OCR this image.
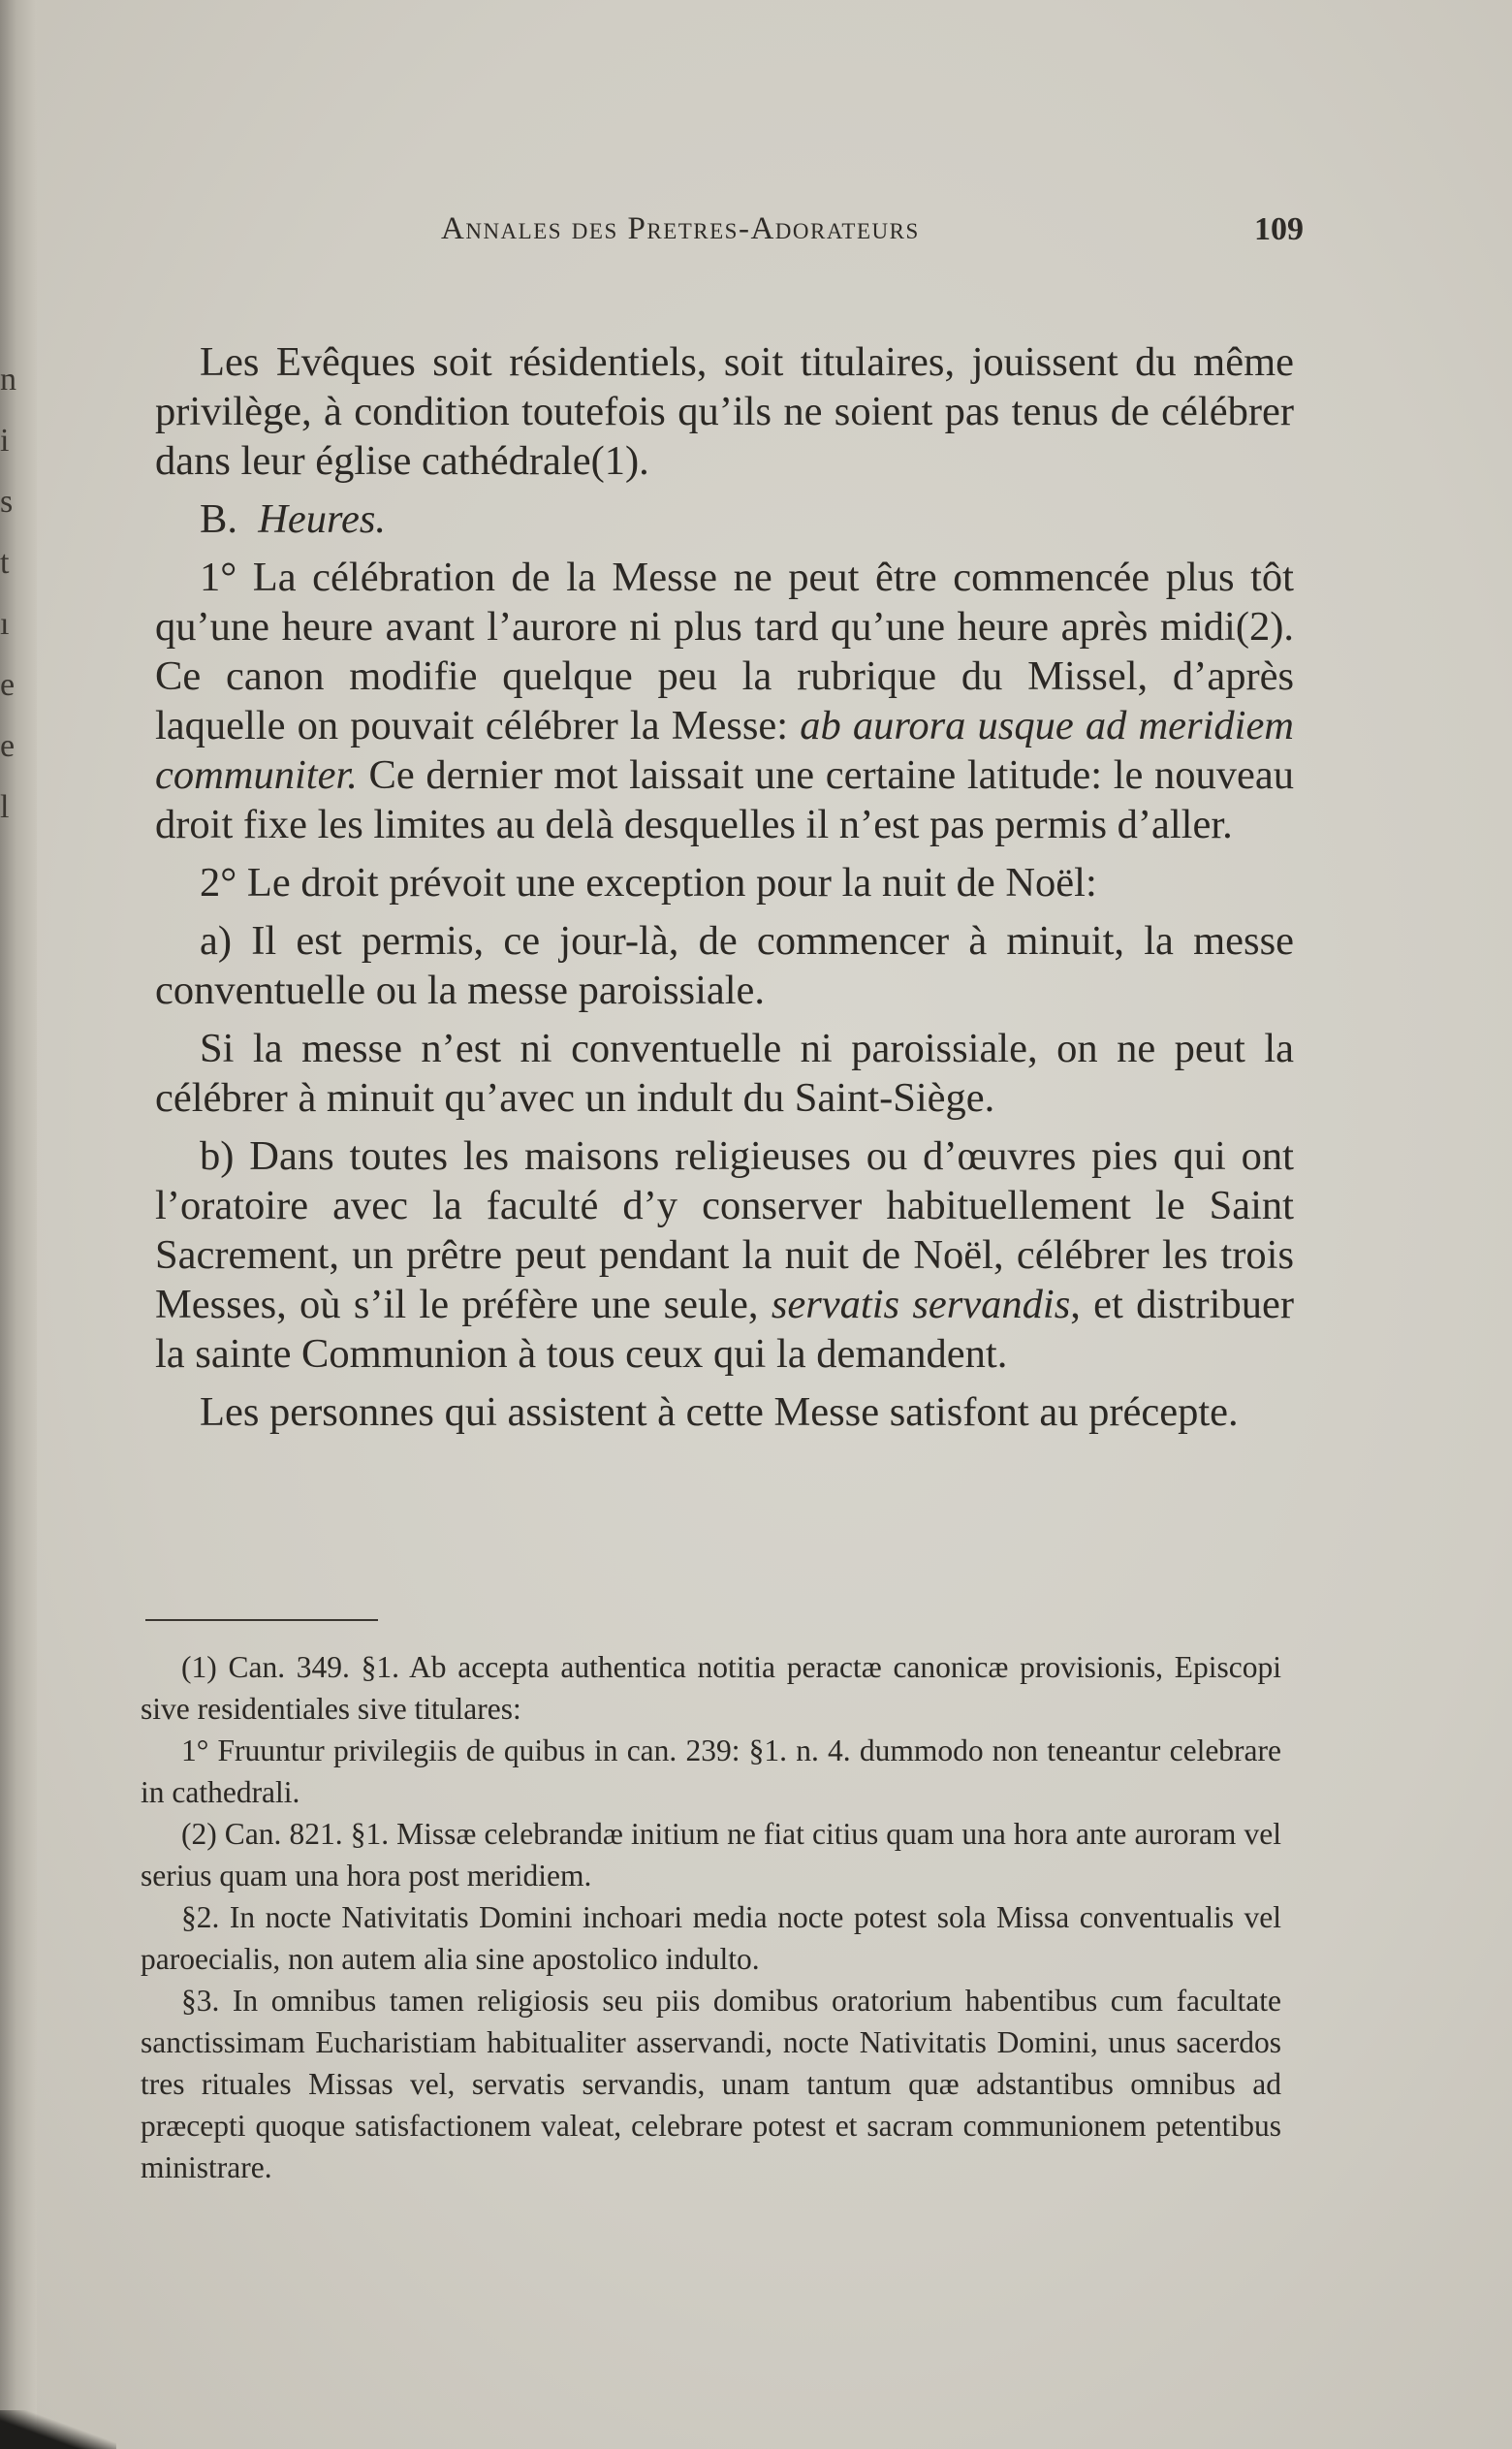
n
i
s
t
ı
e
e
l
Annales des Pretres-Adorateurs	109

Les Evêques soit résidentiels, soit titulaires, jouissent du même privilège, à condition toutefois qu’ils ne soient pas tenus de célébrer dans leur église cathédrale(1).

B. Heures.

1° La célébration de la Messe ne peut être commencée plus tôt qu’une heure avant l’aurore ni plus tard qu’une heure après midi(2). Ce canon modifie quelque peu la rubrique du Missel, d’après laquelle on pouvait célébrer la Messe: ab aurora usque ad meridiem communiter. Ce dernier mot laissait une certaine latitude: le nouveau droit fixe les limites au delà desquelles il n’est pas permis d’aller.

2° Le droit prévoit une exception pour la nuit de Noël:

a) Il est permis, ce jour-là, de commencer à minuit, la messe conventuelle ou la messe paroissiale.

Si la messe n’est ni conventuelle ni paroissiale, on ne peut la célébrer à minuit qu’avec un indult du Saint-Siège.

b) Dans toutes les maisons religieuses ou d’œuvres pies qui ont l’oratoire avec la faculté d’y conserver habituellement le Saint Sacrement, un prêtre peut pendant la nuit de Noël, célébrer les trois Messes, où s’il le préfère une seule, servatis servandis, et distribuer la sainte Communion à tous ceux qui la demandent.

Les personnes qui assistent à cette Messe satisfont au précepte.

(1) Can. 349. §1. Ab accepta authentica notitia peractæ canonicæ provisionis, Episcopi sive residentiales sive titulares:

1° Fruuntur privilegiis de quibus in can. 239: §1. n. 4. dummodo non teneantur celebrare in cathedrali.

(2) Can. 821. §1. Missæ celebrandæ initium ne fiat citius quam una hora ante auroram vel serius quam una hora post meridiem.

§2. In nocte Nativitatis Domini inchoari media nocte potest sola Missa conventualis vel paroecialis, non autem alia sine apostolico indulto.

§3. In omnibus tamen religiosis seu piis domibus oratorium habentibus cum facultate sanctissimam Eucharistiam habitualiter asservandi, nocte Nativitatis Domini, unus sacerdos tres rituales Missas vel, servatis servandis, unam tantum quæ adstantibus omnibus ad præcepti quoque satisfactionem valeat, celebrare potest et sacram communionem petentibus ministrare.
